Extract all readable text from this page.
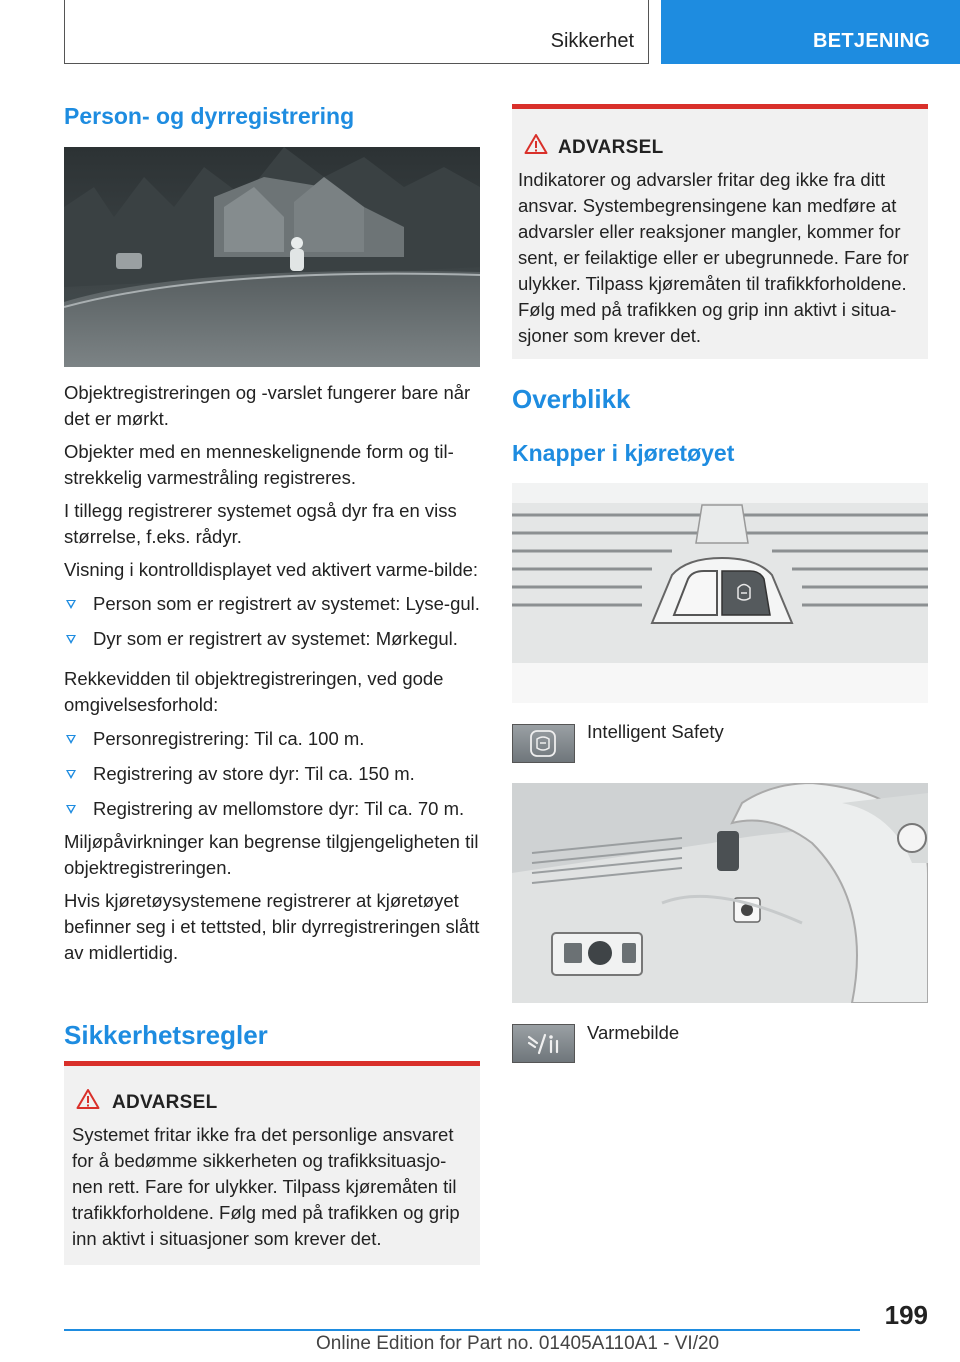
Sikkerhet	BETJENING
Person- og dyrregistrering

Objektregistreringen og -varslet fungerer bare når det er mørkt.

Objekter med en menneskelignende form og til-strekkelig varmestråling registreres.

I tillegg registrerer systemet også dyr fra en viss størrelse, f.eks. rådyr.

Visning i kontrolldisplayet ved aktivert varme-bilde:

Person som er registrert av systemet: Lyse-gul.
Dyr som er registrert av systemet: Mørkegul.

Rekkevidden til objektregistreringen, ved gode omgivelsesforhold:

Personregistrering: Til ca. 100 m.
Registrering av store dyr: Til ca. 150 m.
Registrering av mellomstore dyr: Til ca. 70 m.

Miljøpåvirkninger kan begrense tilgjengeligheten til objektregistreringen.

Hvis kjøretøysystemene registrerer at kjøretøyet befinner seg i et tettsted, blir dyrregistreringen slått av midlertidig.

Sikkerhetsregler
ADVARSEL
Systemet fritar ikke fra det personlige ansvaret for å bedømme sikkerheten og trafikksituasjo-nen rett. Fare for ulykker. Tilpass kjøremåten til trafikkforholdene. Følg med på trafikken og grip inn aktivt i situasjoner som krever det.
ADVARSEL
Indikatorer og advarsler fritar deg ikke fra ditt ansvar. Systembegrensingene kan medføre at advarsler eller reaksjoner mangler, kommer for sent, er feilaktige eller er ubegrunnede. Fare for ulykker. Tilpass kjøremåten til trafikkforholdene. Følg med på trafikken og grip inn aktivt i situa-sjoner som krever det.
Overblikk
Knapper i kjøretøyet
Intelligent Safety
Varmebilde
199
Online Edition for Part no. 01405A110A1 - VI/20
